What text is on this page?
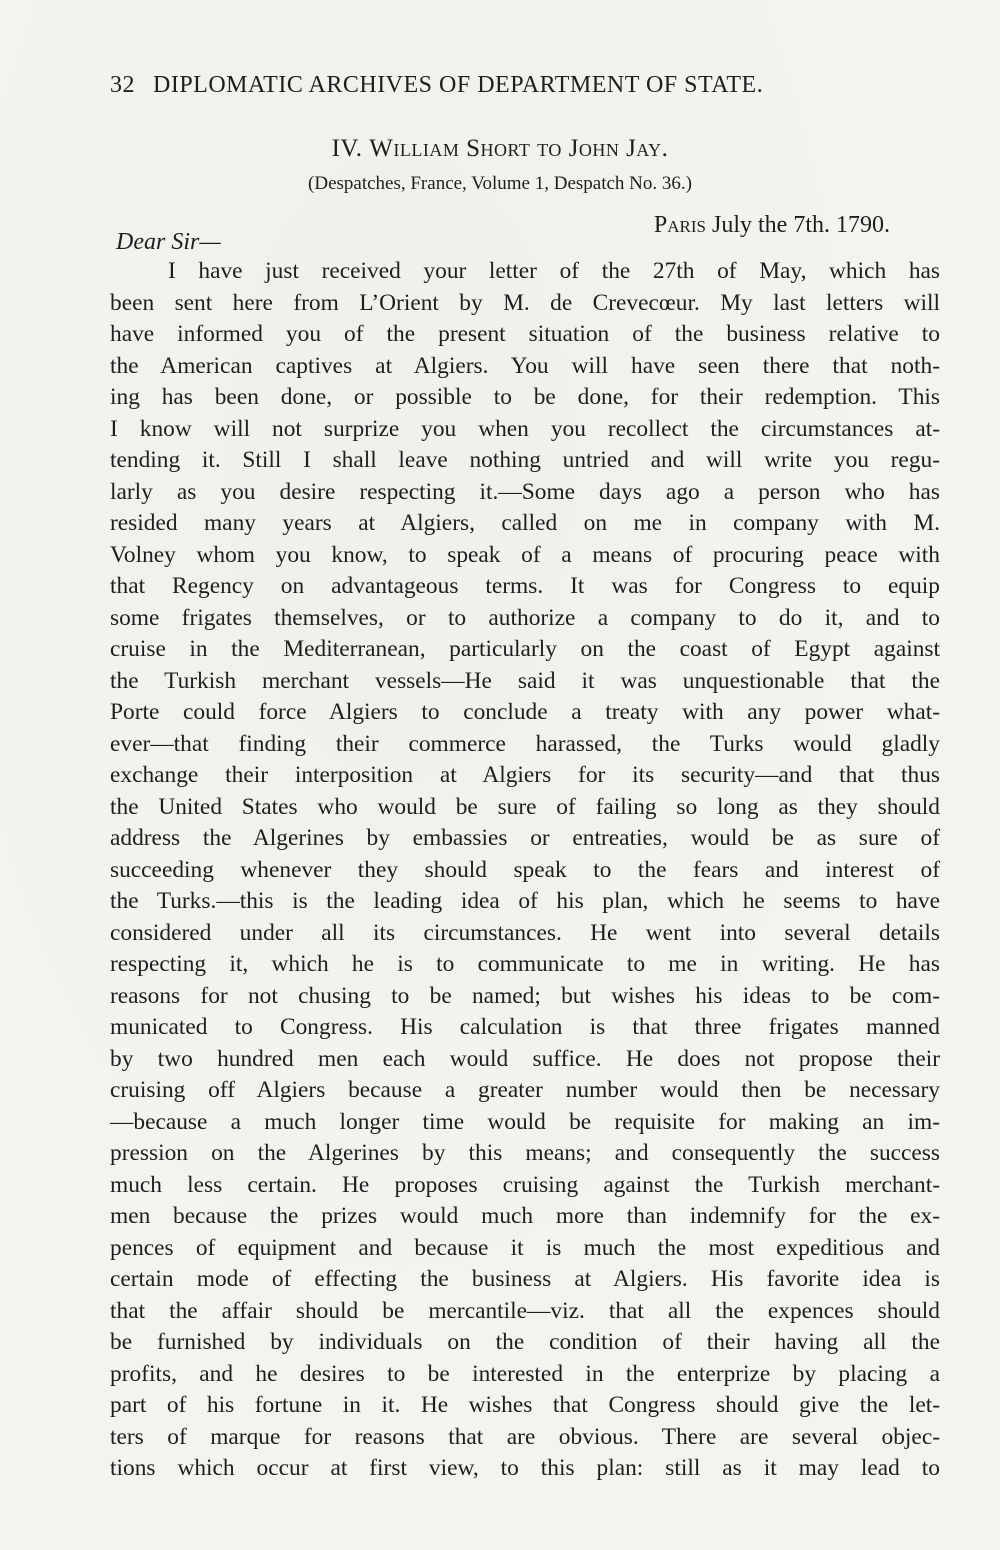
32 DIPLOMATIC ARCHIVES OF DEPARTMENT OF STATE.
IV. William Short to John Jay.
(Despatches, France, Volume 1, Despatch No. 36.)
Paris July the 7th. 1790.
Dear Sir—
I have just received your letter of the 27th of May, which has
been sent here from L’Orient by M. de Crevecœur. My last letters will
have informed you of the present situation of the business relative to
the American captives at Algiers. You will have seen there that noth-
ing has been done, or possible to be done, for their redemption. This
I know will not surprize you when you recollect the circumstances at-
tending it. Still I shall leave nothing untried and will write you regu-
larly as you desire respecting it.—Some days ago a person who has
resided many years at Algiers, called on me in company with M.
Volney whom you know, to speak of a means of procuring peace with
that Regency on advantageous terms. It was for Congress to equip
some frigates themselves, or to authorize a company to do it, and to
cruise in the Mediterranean, particularly on the coast of Egypt against
the Turkish merchant vessels—He said it was unquestionable that the
Porte could force Algiers to conclude a treaty with any power what-
ever—that finding their commerce harassed, the Turks would gladly
exchange their interposition at Algiers for its security—and that thus
the United States who would be sure of failing so long as they should
address the Algerines by embassies or entreaties, would be as sure of
succeeding whenever they should speak to the fears and interest of
the Turks.—this is the leading idea of his plan, which he seems to have
considered under all its circumstances. He went into several details
respecting it, which he is to communicate to me in writing. He has
reasons for not chusing to be named; but wishes his ideas to be com-
municated to Congress. His calculation is that three frigates manned
by two hundred men each would suffice. He does not propose their
cruising off Algiers because a greater number would then be necessary
—because a much longer time would be requisite for making an im-
pression on the Algerines by this means; and consequently the success
much less certain. He proposes cruising against the Turkish merchant-
men because the prizes would much more than indemnify for the ex-
pences of equipment and because it is much the most expeditious and
certain mode of effecting the business at Algiers. His favorite idea is
that the affair should be mercantile—viz. that all the expences should
be furnished by individuals on the condition of their having all the
profits, and he desires to be interested in the enterprize by placing a
part of his fortune in it. He wishes that Congress should give the let-
ters of marque for reasons that are obvious. There are several objec-
tions which occur at first view, to this plan: still as it may lead to
